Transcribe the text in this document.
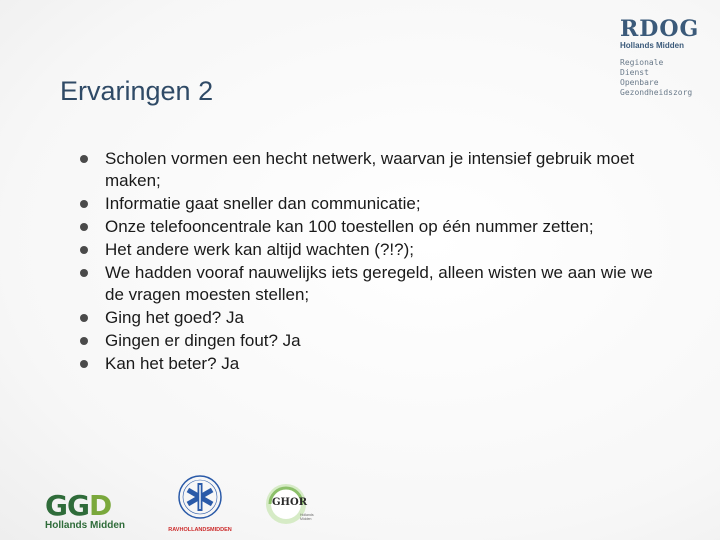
RDOG
Hollands Midden
Regionale
Dienst
Openbare
Gezondheidszorg
Ervaringen 2
Scholen vormen een hecht netwerk, waarvan je intensief gebruik moet maken;
Informatie gaat sneller dan communicatie;
Onze telefooncentrale kan 100 toestellen op één nummer zetten;
Het andere werk kan altijd wachten (?!?);
We hadden vooraf nauwelijks iets geregeld, alleen wisten we aan wie we de vragen moesten stellen;
Ging het goed? Ja
Gingen er dingen fout? Ja
Kan het beter? Ja
GGD
Hollands Midden	RAVHOLLANDSMIDDEN
GHOR
Hollands Midden
